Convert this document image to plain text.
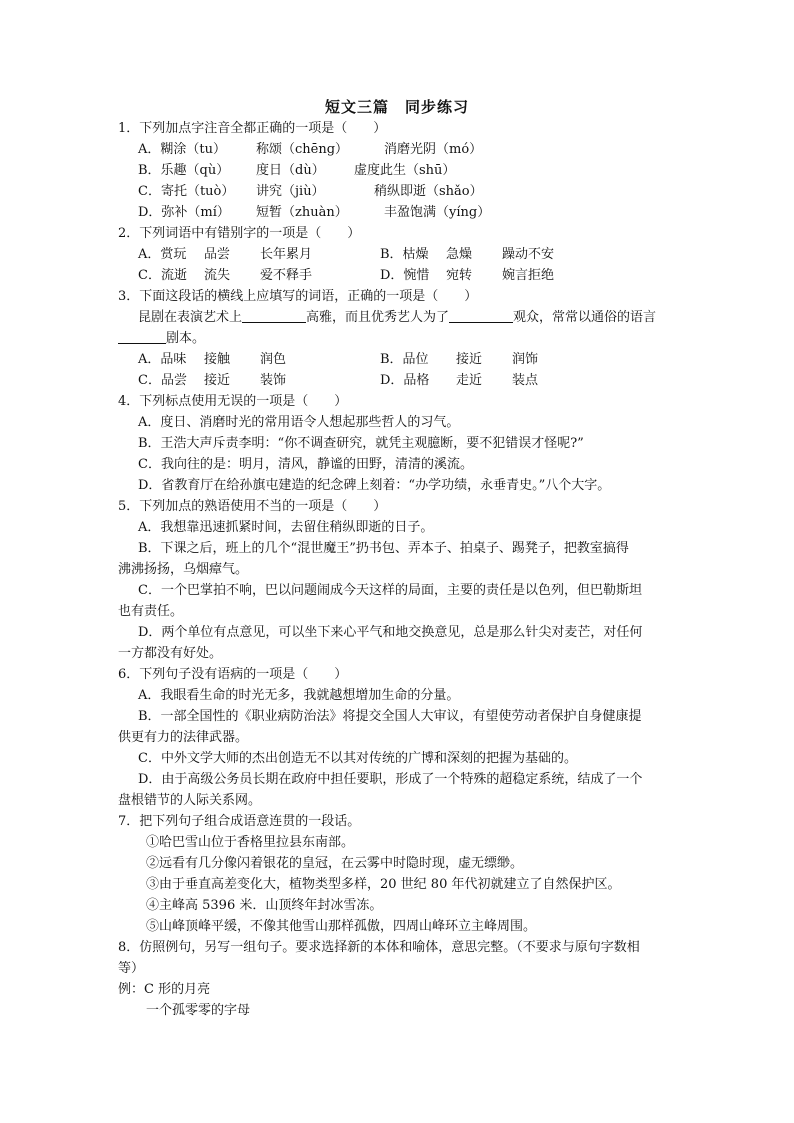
短文三篇　同步练习
1．下列加点字注音全都正确的一项是（　　）
A．糊涂（tu） 称颂（chēng）	消磨光阴（mó）
B．乐趣（qù） 度日（dù） 虚度此生（shū）
C．寄托（tuò） 讲究（jiù）	稍纵即逝（shǎo）
D．弥补（mí） 短暂（zhuàn）	丰盈饱满（yíng）
2．下列词语中有错别字的一项是（　　）
A．赏玩 品尝 长年累月	B．枯燥 急燥 躁动不安
C．流逝 流失 爱不释手	D．惋惜 宛转 婉言拒绝
3．下面这段话的横线上应填写的词语，正确的一项是（　　）
昆剧在表演艺术上	高雅，而且优秀艺人为了	观众，常常以通俗的语言
剧本。
A．品味 接触 润色	B．品位 接近 润饰
C．品尝 接近 装饰	D．品格 走近 装点
4．下列标点使用无误的一项是（　　）
A．度日、消磨时光的常用语令人想起那些哲人的习气。
B．王浩大声斥责李明：“你不调查研究，就凭主观臆断，要不犯错误才怪呢?”
C．我向往的是：明月，清风，静谧的田野，清清的溪流。
D．省教育厅在给孙旗屯建造的纪念碑上刻着：“办学功绩，永垂青史。”八个大字。
5．下列加点的熟语使用不当的一项是（　　）
A．我想靠迅速抓紧时间，去留住稍纵即逝的日子。
B．下课之后，班上的几个“混世魔王”扔书包、弄本子、拍桌子、踢凳子，把教室搞得
沸沸扬扬，乌烟瘴气。
C．一个巴掌拍不响，巴以问题闹成今天这样的局面，主要的责任是以色列，但巴勒斯坦
也有责任。
D．两个单位有点意见，可以坐下来心平气和地交换意见，总是那么针尖对麦芒，对任何
一方都没有好处。
6．下列句子没有语病的一项是（　　）
A．我眼看生命的时光无多，我就越想增加生命的分量。
B．一部全国性的《职业病防治法》将提交全国人大审议，有望使劳动者保护自身健康提
供更有力的法律武器。
C．中外文学大师的杰出创造无不以其对传统的广博和深刻的把握为基础的。
D．由于高级公务员长期在政府中担任要职，形成了一个特殊的超稳定系统，结成了一个
盘根错节的人际关系网。
7．把下列句子组合成语意连贯的一段话。
①哈巴雪山位于香格里拉县东南部。
②远看有几分像闪着银花的皇冠，在云雾中时隐时现，虚无缥缈。
③由于垂直高差变化大，植物类型多样，20 世纪 80 年代初就建立了自然保护区。
④主峰高 5396 米．山顶终年封冰雪冻。
⑤山峰顶峰平缓，不像其他雪山那样孤傲，四周山峰环立主峰周围。
8．仿照例句，另写一组句子。要求选择新的本体和喻体，意思完整。（不要求与原句字数相
等）
例：C 形的月亮
一个孤零零的字母
